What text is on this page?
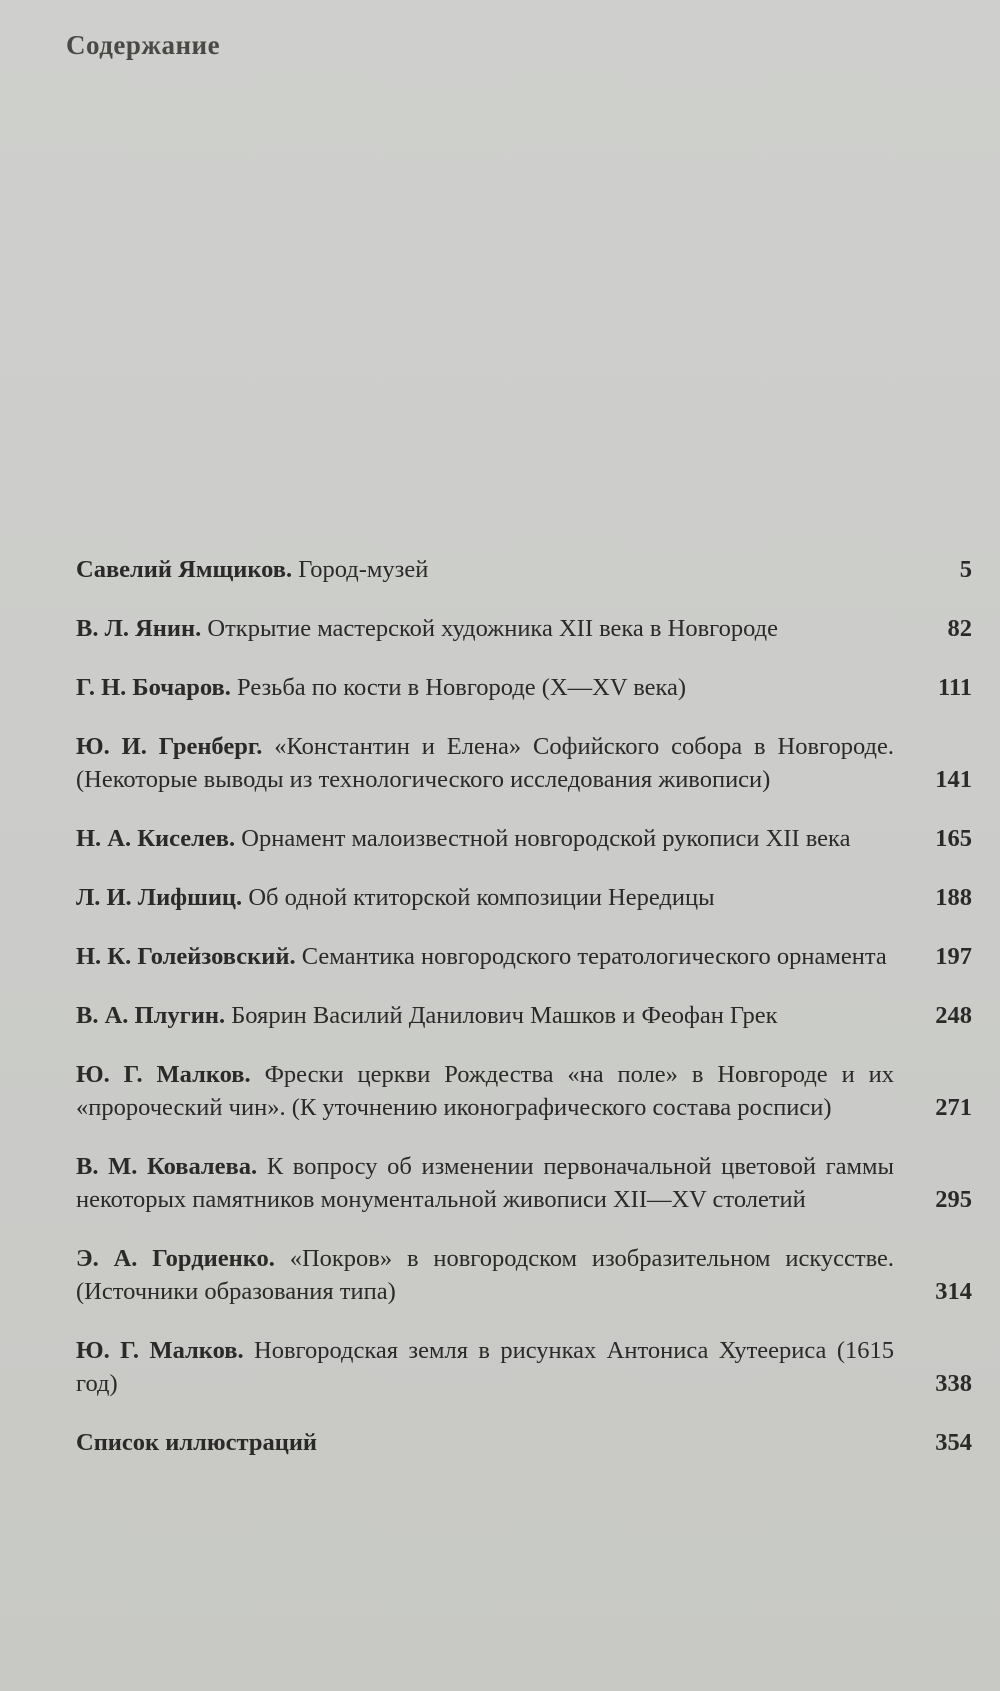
Содержание
Савелий Ямщиков. Город-музей	5
В. Л. Янин. Открытие мастерской художника XII века в Новгороде	82
Г. Н. Бочаров. Резьба по кости в Новгороде (X—XV века)	111
Ю. И. Гренберг. «Константин и Елена» Софийского собора в Новгороде. (Некоторые выводы из технологического исследования живописи)	141
Н. А. Киселев. Орнамент малоизвестной новгородской рукописи XII века	165
Л. И. Лифшиц. Об одной ктиторской композиции Нередицы	188
Н. К. Голейзовский. Семантика новгородского тератологического орнамента	197
В. А. Плугин. Боярин Василий Данилович Машков и Феофан Грек	248
Ю. Г. Малков. Фрески церкви Рождества «на поле» в Новгороде и их «пророческий чин». (К уточнению иконографического состава росписи)	271
В. М. Ковалева. К вопросу об изменении первоначальной цветовой гаммы некоторых памятников монументальной живописи XII—XV столетий	295
Э. А. Гордиенко. «Покров» в новгородском изобразительном искусстве. (Источники образования типа)	314
Ю. Г. Малков. Новгородская земля в рисунках Антониса Хутееpиса (1615 год)	338
Список иллюстраций	354
